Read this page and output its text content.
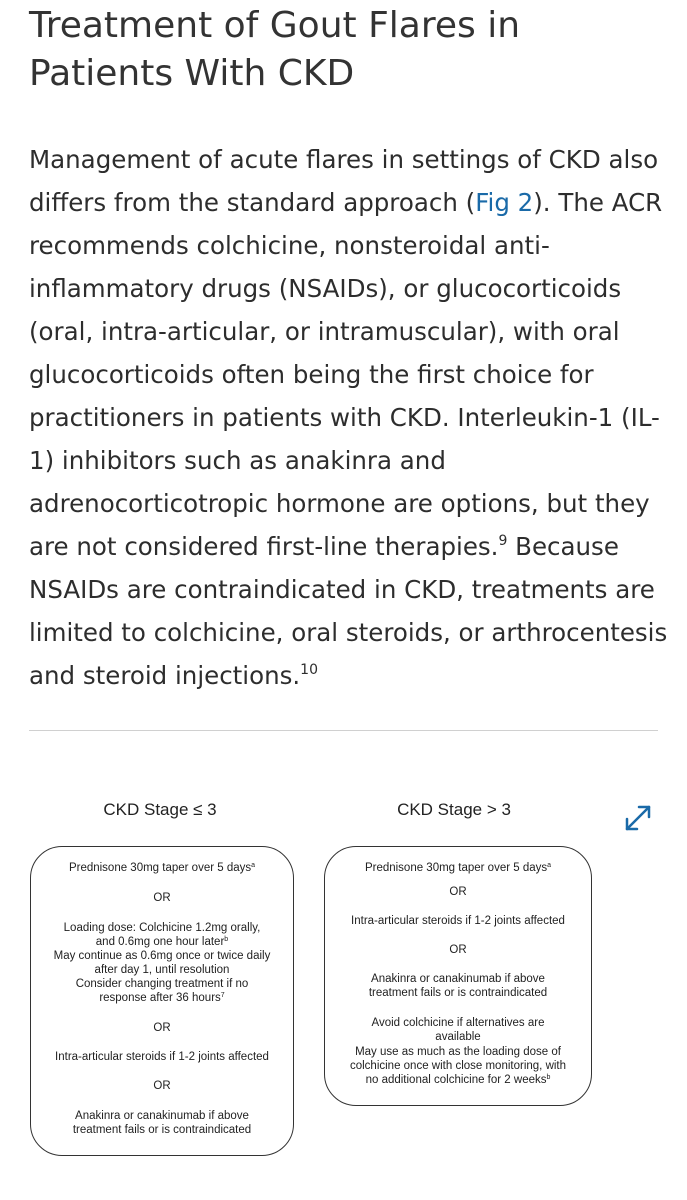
Treatment of Gout Flares in
Patients With CKD

Management of acute flares in settings of CKD also
differs from the standard approach (Fig 2). The ACR
recommends colchicine, nonsteroidal anti-
inflammatory drugs (NSAIDs), or glucocorticoids
(oral, intra-articular, or intramuscular), with oral
glucocorticoids often being the first choice for
practitioners in patients with CKD. Interleukin-1 (IL-
1) inhibitors such as anakinra and
adrenocorticotropic hormone are options, but they
are not considered first-line therapies.$^9$ Because
NSAIDs are contraindicated in CKD, treatments are
limited to colchicine, oral steroids, or arthrocentesis
and steroid injections.$^{10}$

CKD Stage ≤ 3	CKD Stage > 3
Prednisone 30mg taper over 5 days$^a$
OR
Loading dose: Colchicine 1.2mg orally,
and 0.6mg one hour later$^b$
May continue as 0.6mg once or twice daily
after day 1, until resolution
Consider changing treatment if no
response after 36 hours$^7$
OR
Intra-articular steroids if 1-2 joints affected
OR
Anakinra or canakinumab if above
treatment fails or is contraindicated
Prednisone 30mg taper over 5 days$^a$
OR
Intra-articular steroids if 1-2 joints affected
OR
Anakinra or canakinumab if above
treatment fails or is contraindicated
Avoid colchicine if alternatives are
available
May use as much as the loading dose of
colchicine once with close monitoring, with
no additional colchicine for 2 weeks$^b$
